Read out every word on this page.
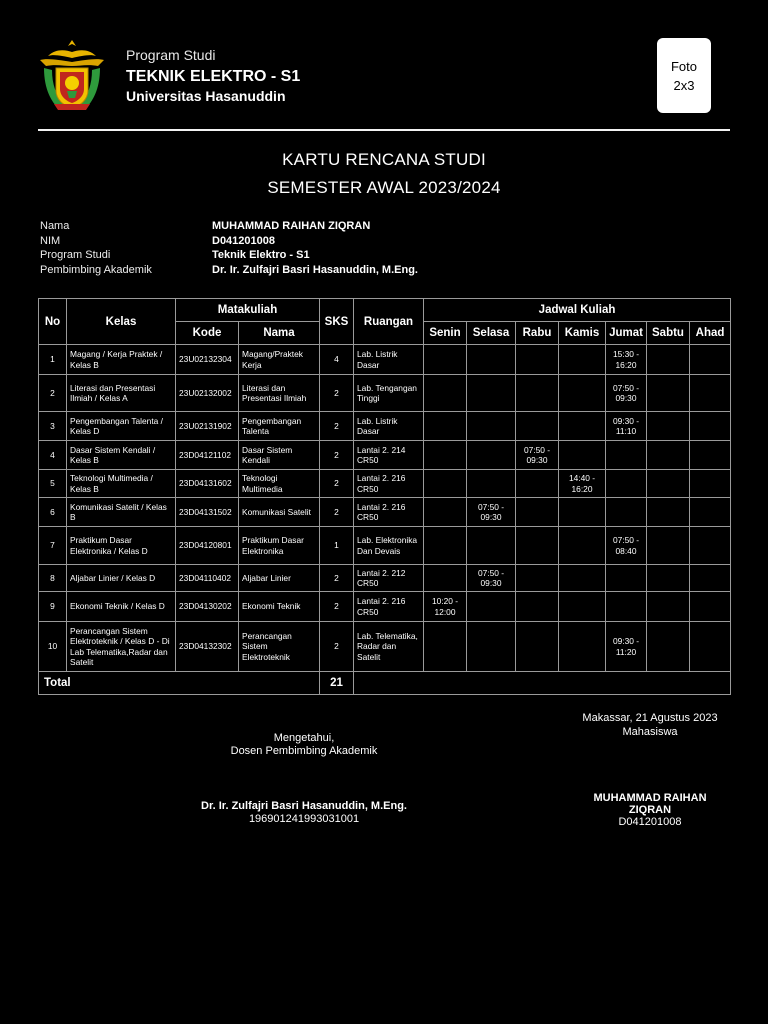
Program Studi
TEKNIK ELEKTRO - S1
Universitas Hasanuddin
Foto
2x3
KARTU RENCANA STUDI
SEMESTER AWAL 2023/2024
Nama	MUHAMMAD RAIHAN ZIQRAN
NIM	D041201008
Program Studi	Teknik Elektro - S1
Pembimbing Akademik	Dr. Ir. Zulfajri Basri Hasanuddin, M.Eng.
No	Kelas	Matakuliah		SKS	Ruangan	Jadwal Kuliah						
		Kode	Nama			Senin	Selasa	Rabu	Kamis	Jumat	Sabtu	Ahad
1	Magang / Kerja Praktek / Kelas B	23U02132304	Magang/Praktek Kerja	4	Lab. Listrik Dasar					15:30 - 16:20		
2	Literasi dan Presentasi Ilmiah / Kelas A	23U02132002	Literasi dan Presentasi Ilmiah	2	Lab. Tengangan Tinggi					07:50 - 09:30		
3	Pengembangan Talenta / Kelas D	23U02131902	Pengembangan Talenta	2	Lab. Listrik Dasar					09:30 - 11:10		
4	Dasar Sistem Kendali / Kelas B	23D04121102	Dasar Sistem Kendali	2	Lantai 2. 214 CR50			07:50 - 09:30				
5	Teknologi Multimedia / Kelas B	23D04131602	Teknologi Multimedia	2	Lantai 2. 216 CR50				14:40 - 16:20			
6	Komunikasi Satelit / Kelas B	23D04131502	Komunikasi Satelit	2	Lantai 2. 216 CR50		07:50 - 09:30					
7	Praktikum Dasar Elektronika / Kelas D	23D04120801	Praktikum Dasar Elektronika	1	Lab. Elektronika Dan Devais					07:50 - 08:40		
8	Aljabar Linier / Kelas D	23D04110402	Aljabar Linier	2	Lantai 2. 212 CR50		07:50 - 09:30					
9	Ekonomi Teknik / Kelas D	23D04130202	Ekonomi Teknik	2	Lantai 2. 216 CR50	10:20 - 12:00						
10	Perancangan Sistem Elektroteknik / Kelas D - Di Lab Telematika,Radar dan Satelit	23D04132302	Perancangan Sistem Elektroteknik	2	Lab. Telematika, Radar dan Satelit					09:30 - 11:20		
Total				21								
Mengetahui,
Dosen Pembimbing Akademik
Dr. Ir. Zulfajri Basri Hasanuddin, M.Eng.
196901241993031001
Makassar, 21 Agustus 2023
Mahasiswa
MUHAMMAD RAIHAN
ZIQRAN
D041201008
